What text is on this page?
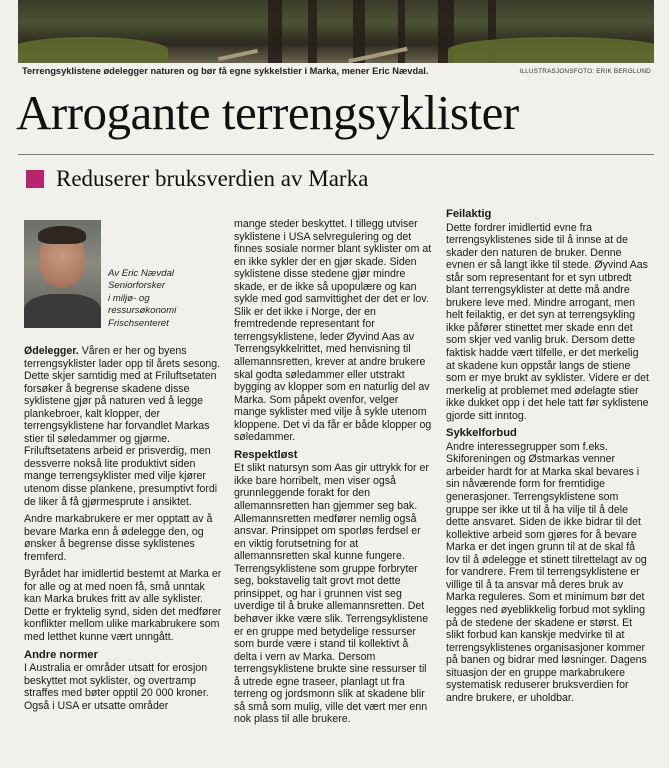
Terrengsyklistene ødelegger naturen og bør få egne sykkelstier i Marka, mener Eric Nævdal.	ILLUSTRASJONSFOTO: ERIK BERGLUND
Arrogante terrengsyklister
Reduserer bruksverdien av Marka
Av Eric Nævdal
Seniorforsker
i miljø- og
ressursøkonomi
Frischsenteret

Ødelegger. Våren er her og byens terrengsyklister lader opp til årets sesong. Dette skjer samtidig med at Friluftsetaten forsøker å begrense skadene disse syklistene gjør på naturen ved å legge plankebroer, kalt klopper, der terrengsyklistene har forvandlet Markas stier til søledammer og gjørme. Friluftsetatens arbeid er prisverdig, men dessverre nokså lite produktivt siden mange terrengsyklister med vilje kjører utenom disse plankene, presumptivt fordi de liker å få gjørmesprute i ansiktet.

Andre markabrukere er mer opptatt av å bevare Marka enn å ødelegge den, og ønsker å begrense disse syklistenes fremferd.

Byrådet har imidlertid bestemt at Marka er for alle og at med noen få, små unntak kan Marka brukes fritt av alle syklister. Dette er fryktelig synd, siden det medfører konflikter mellom ulike markabrukere som med letthet kunne vært unngått.

Andre normer

I Australia er områder utsatt for erosjon beskyttet mot syklister, og overtramp straffes med bøter opptil 20 000 kroner. Også i USA er utsatte områder

mange steder beskyttet. I tillegg utviser syklistene i USA selvregulering og det finnes sosiale normer blant syklister om at en ikke sykler der en gjør skade. Siden syklistene disse stedene gjør mindre skade, er de ikke så upopulære og kan sykle med god samvittighet der det er lov. Slik er det ikke i Norge, der en fremtredende representant for terrengsyklistene, leder Øyvind Aas av Terrengsykkelrittet, med henvisning til allemannsretten, krever at andre brukere skal godta søledammer eller utstrakt bygging av klopper som en naturlig del av Marka. Som påpekt ovenfor, velger mange syklister med vilje å sykle utenom kloppene. Det vi da får er både klopper og søledammer.

Respektløst

Et slikt natursyn som Aas gir uttrykk for er ikke bare horribelt, men viser også grunnleggende forakt for den allemannsretten han gjemmer seg bak. Allemannsretten medfører nemlig også ansvar. Prinsippet om sporløs ferdsel er en viktig forutsetning for at allemannsretten skal kunne fungere. Terrengsyklistene som gruppe forbryter seg, bokstavelig talt grovt mot dette prinsippet, og har i grunnen vist seg uverdige til å bruke allemannsretten. Det behøver ikke være slik. Terrengsyklistene er en gruppe med betydelige ressurser som burde være i stand til kollektivt å delta i vern av Marka. Dersom terrengsyklistene brukte sine ressurser til å utrede egne traseer, planlagt ut fra terreng og jordsmonn slik at skadene blir så små som mulig, ville det vært mer enn nok plass til alle brukere.

Feilaktig

Dette fordrer imidlertid evne fra terrengsyklistenes side til å innse at de skader den naturen de bruker. Denne evnen er så langt ikke til stede. Øyvind Aas står som representant for et syn utbredt blant terrengsyklister at dette må andre brukere leve med. Mindre arrogant, men helt feilaktig, er det syn at terrengsykling ikke påfører stinettet mer skade enn det som skjer ved vanlig bruk. Dersom dette faktisk hadde vært tilfelle, er det merkelig at skadene kun oppstår langs de stiene som er mye brukt av syklister. Videre er det merkelig at problemet med ødelagte stier ikke dukket opp i det hele tatt før syklistene gjorde sitt inntog.

Sykkelforbud

Andre interessegrupper som f.eks. Skiforeningen og Østmarkas venner arbeider hardt for at Marka skal bevares i sin nåværende form for fremtidige generasjoner. Terrengsyklistene som gruppe ser ikke ut til å ha vilje til å dele dette ansvaret. Siden de ikke bidrar til det kollektive arbeid som gjøres for å bevare Marka er det ingen grunn til at de skal få lov til å ødelegge et stinett tilrettelagt av og for vandrere. Frem til terrengsyklistene er villige til å ta ansvar må deres bruk av Marka reguleres. Som et minimum bør det legges ned øyeblikkelig forbud mot sykling på de stedene der skadene er størst. Et slikt forbud kan kanskje medvirke til at terrengsyklistenes organisasjoner kommer på banen og bidrar med løsninger. Dagens situasjon der en gruppe markabrukere systematisk reduserer bruksverdien for andre brukere, er uholdbar.
